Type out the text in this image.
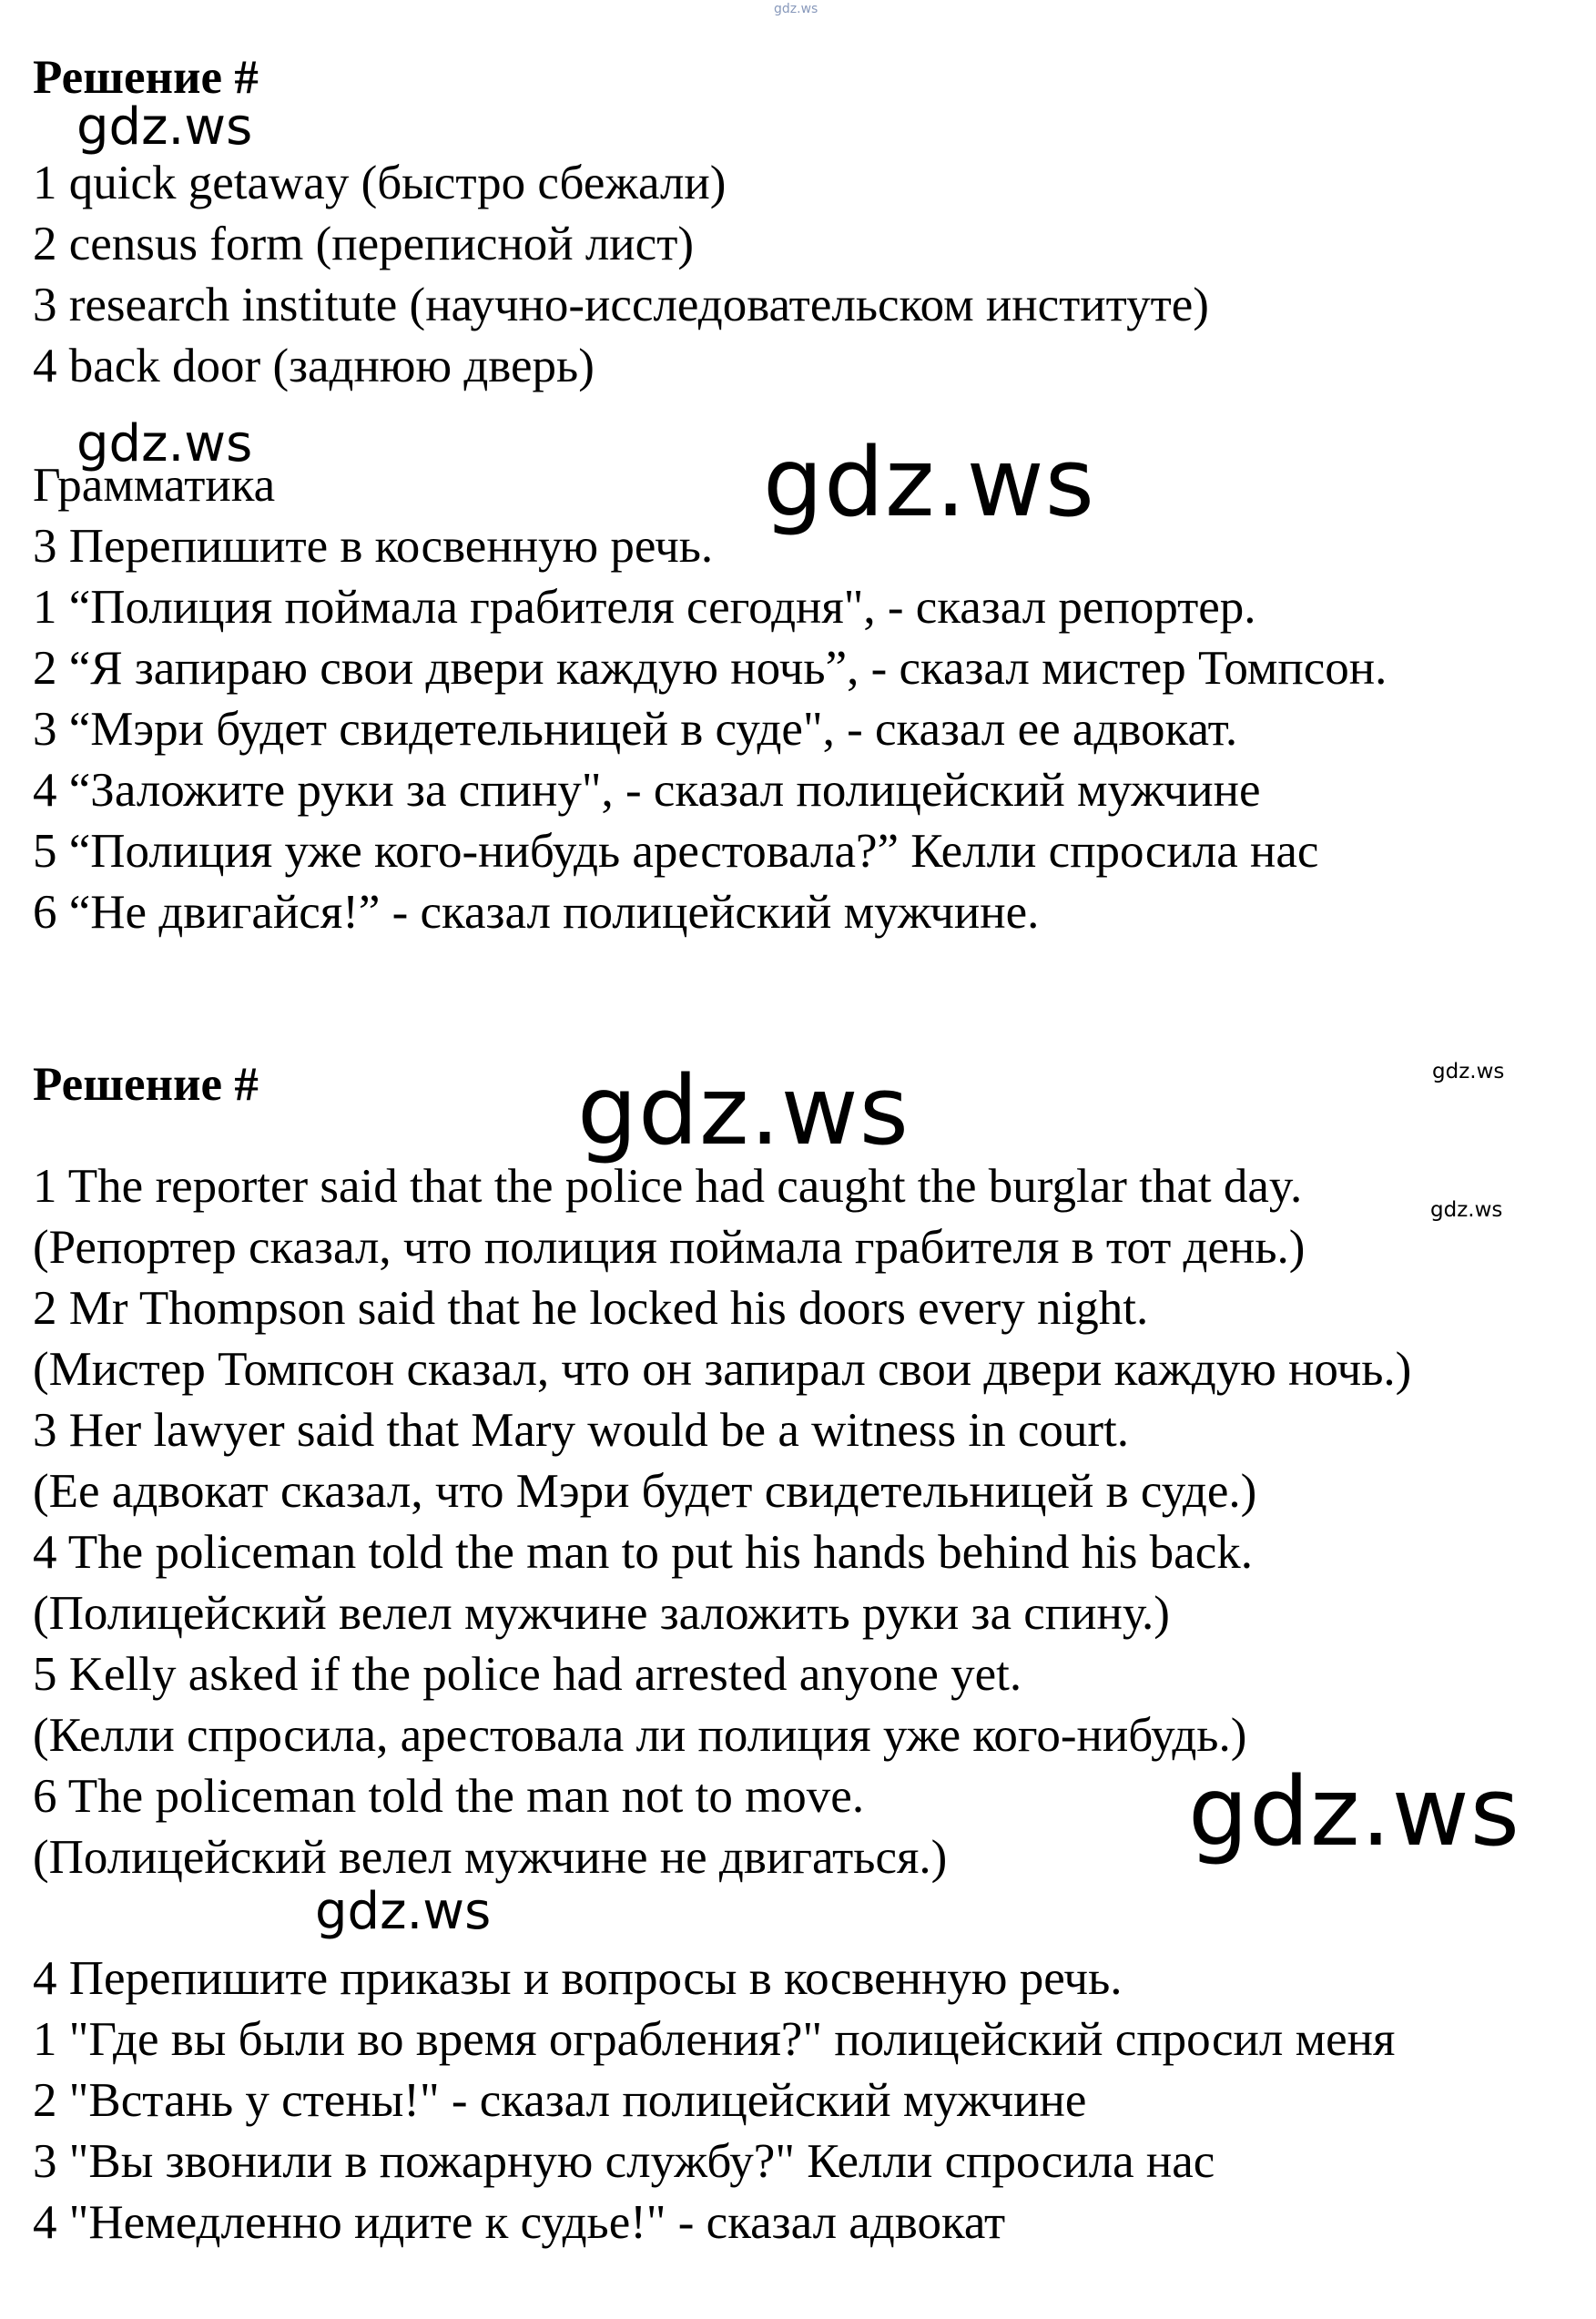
gdz.ws
Решение #
gdz.ws
1 quick getaway (быстро сбежали)
2 census form (переписной лист)
3 research institute (научно-исследовательском институте)
4 back door (заднюю дверь)
gdz.ws	gdz.ws
Грамматика
3 Перепишите в косвенную речь.
1 “Полиция поймала грабителя сегодня", - сказал репортер.
2 “Я запираю свои двери каждую ночь”, - сказал мистер Томпсон.
3 “Мэри будет свидетельницей в суде", - сказал ее адвокат.
4 “Заложите руки за спину", - сказал полицейский мужчине
5 “Полиция уже кого-нибудь арестовала?” Келли спросила нас
6 “Не двигайся!” - сказал полицейский мужчине.
Решение #	gdz.ws
gdz.ws
1 The reporter said that the police had caught the burglar that day.	gdz.ws
(Репортер сказал, что полиция поймала грабителя в тот день.)
2 Mr Thompson said that he locked his doors every night.
(Мистер Томпсон сказал, что он запирал свои двери каждую ночь.)
3 Her lawyer said that Mary would be a witness in court.
(Ее адвокат сказал, что Мэри будет свидетельницей в суде.)
4 The policeman told the man to put his hands behind his back.
(Полицейский велел мужчине заложить руки за спину.)
5 Kelly asked if the police had arrested anyone yet.
(Келли спросила, арестовала ли полиция уже кого-нибудь.)
6 The policeman told the man not to move.	gdz.ws
(Полицейский велел мужчине не двигаться.)
gdz.ws
4 Перепишите приказы и вопросы в косвенную речь.
1 "Где вы были во время ограбления?" полицейский спросил меня
2 "Встань у стены!" - сказал полицейский мужчине
3 "Вы звонили в пожарную службу?" Келли спросила нас
4 "Немедленно идите к судье!" - сказал адвокат
